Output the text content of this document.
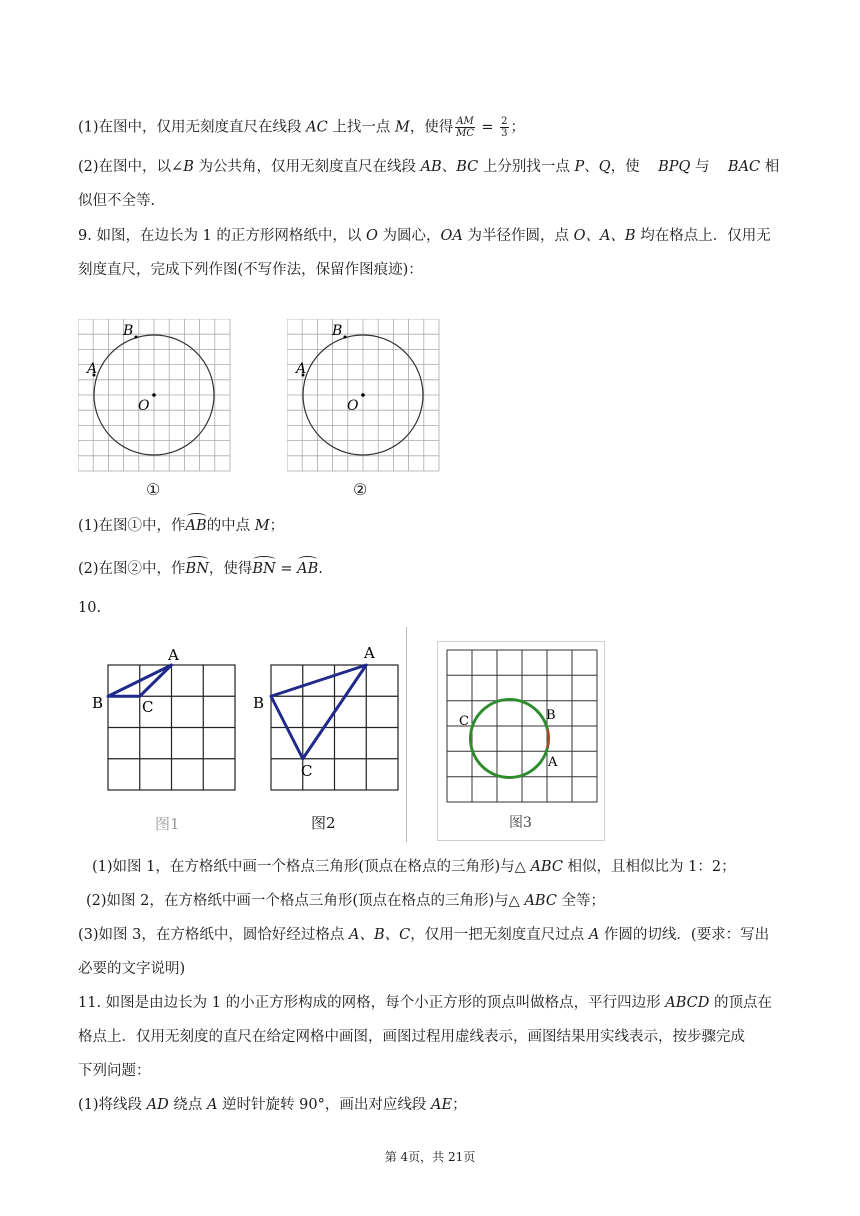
(1)在图中，仅用无刻度直尺在线段 AC 上找一点 M，使得 $\frac{AM}{MC} = \frac{2}{3}$ ；
(2)在图中，以∠B 为公共角，仅用无刻度直尺在线段 AB、BC 上分别找一点 P、Q，使    BPQ 与    BAC 相
似但不全等.
9. 如图，在边长为 1 的正方形网格纸中，以 O 为圆心，OA 为半径作圆，点 O、A、B 均在格点上．仅用无
刻度直尺，完成下列作图(不写作法，保留作图痕迹)：
B
A
O
B
A
O
①	②
(1)在图①中，作AB的中点 M；
(2)在图②中，作BN，使得BN = AB.
10.
A
B	C
A
B
C
C	B
A
图1	图2	图3
(1)如图 1，在方格纸中画一个格点三角形(顶点在格点的三角形)与△ ABC 相似，且相似比为 1：2；
(2)如图 2，在方格纸中画一个格点三角形(顶点在格点的三角形)与△ ABC 全等；
(3)如图 3，在方格纸中，圆恰好经过格点 A、B、C，仅用一把无刻度直尺过点 A 作圆的切线．(要求：写出
必要的文字说明)
11. 如图是由边长为 1 的小正方形构成的网格，每个小正方形的顶点叫做格点，平行四边形 ABCD 的顶点在
格点上．仅用无刻度的直尺在给定网格中画图，画图过程用虚线表示，画图结果用实线表示，按步骤完成
下列问题：
(1)将线段 AD 绕点 A 逆时针旋转 90°，画出对应线段 AE；
第 4页，共 21页
